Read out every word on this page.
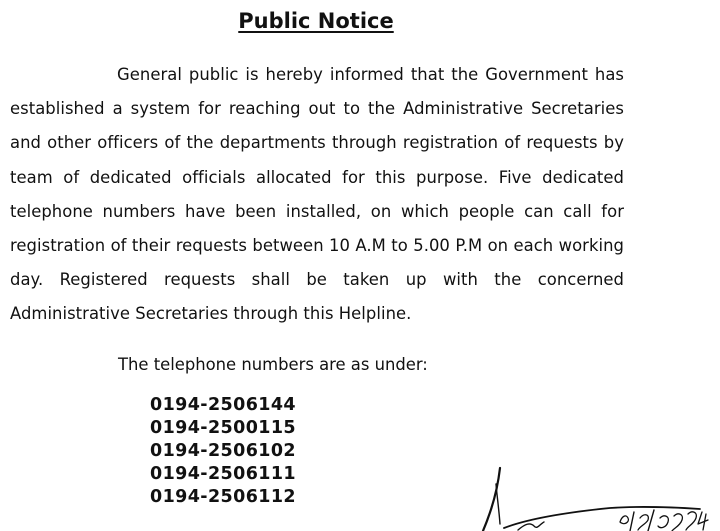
Public Notice

General public is hereby informed that the Government has established a system for reaching out to the Administrative Secretaries and other officers of the departments through registration of requests by team of dedicated officials allocated for this purpose. Five dedicated telephone numbers have been installed, on which people can call for registration of their requests between 10 A.M to 5.00 P.M on each working day. Registered requests shall be taken up with the concerned Administrative Secretaries through this Helpline.

The telephone numbers are as under:

0194-2506144
0194-2500115
0194-2506102
0194-2506111
0194-2506112
